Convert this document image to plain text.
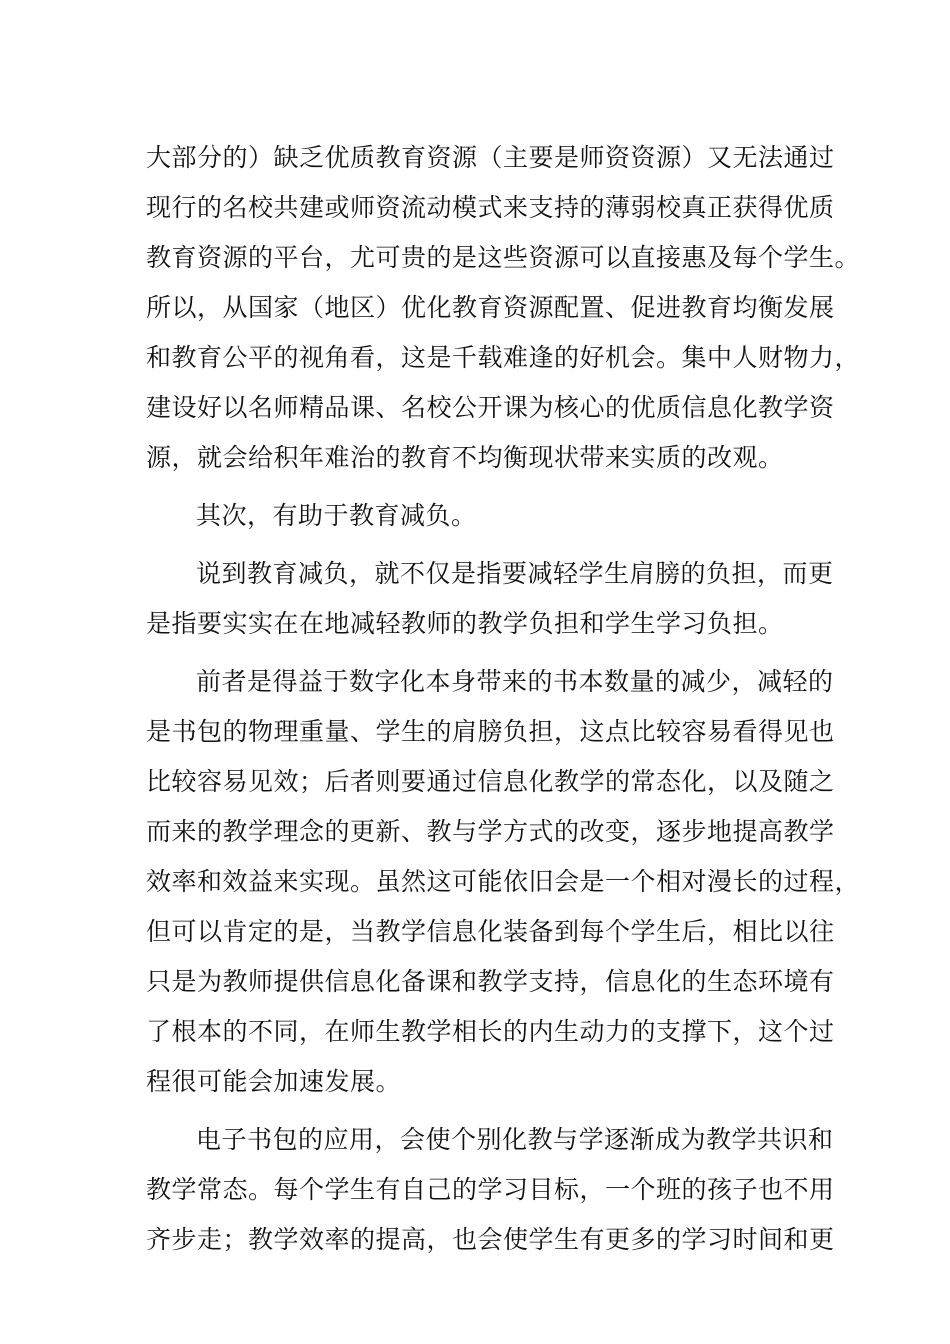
大部分的）缺乏优质教育资源（主要是师资资源）又无法通过
现行的名校共建或师资流动模式来支持的薄弱校真正获得优质
教育资源的平台，尤可贵的是这些资源可以直接惠及每个学生。
所以，从国家（地区）优化教育资源配置、促进教育均衡发展
和教育公平的视角看，这是千载难逢的好机会。集中人财物力，
建设好以名师精品课、名校公开课为核心的优质信息化教学资
源，就会给积年难治的教育不均衡现状带来实质的改观。
其次，有助于教育减负。
说到教育减负，就不仅是指要减轻学生肩膀的负担，而更
是指要实实在在地减轻教师的教学负担和学生学习负担。
前者是得益于数字化本身带来的书本数量的减少，减轻的
是书包的物理重量、学生的肩膀负担，这点比较容易看得见也
比较容易见效；后者则要通过信息化教学的常态化，以及随之
而来的教学理念的更新、教与学方式的改变，逐步地提高教学
效率和效益来实现。虽然这可能依旧会是一个相对漫长的过程，
但可以肯定的是，当教学信息化装备到每个学生后，相比以往
只是为教师提供信息化备课和教学支持，信息化的生态环境有
了根本的不同，在师生教学相长的内生动力的支撑下，这个过
程很可能会加速发展。
电子书包的应用，会使个别化教与学逐渐成为教学共识和
教学常态。每个学生有自己的学习目标，一个班的孩子也不用
齐步走；教学效率的提高，也会使学生有更多的学习时间和更
